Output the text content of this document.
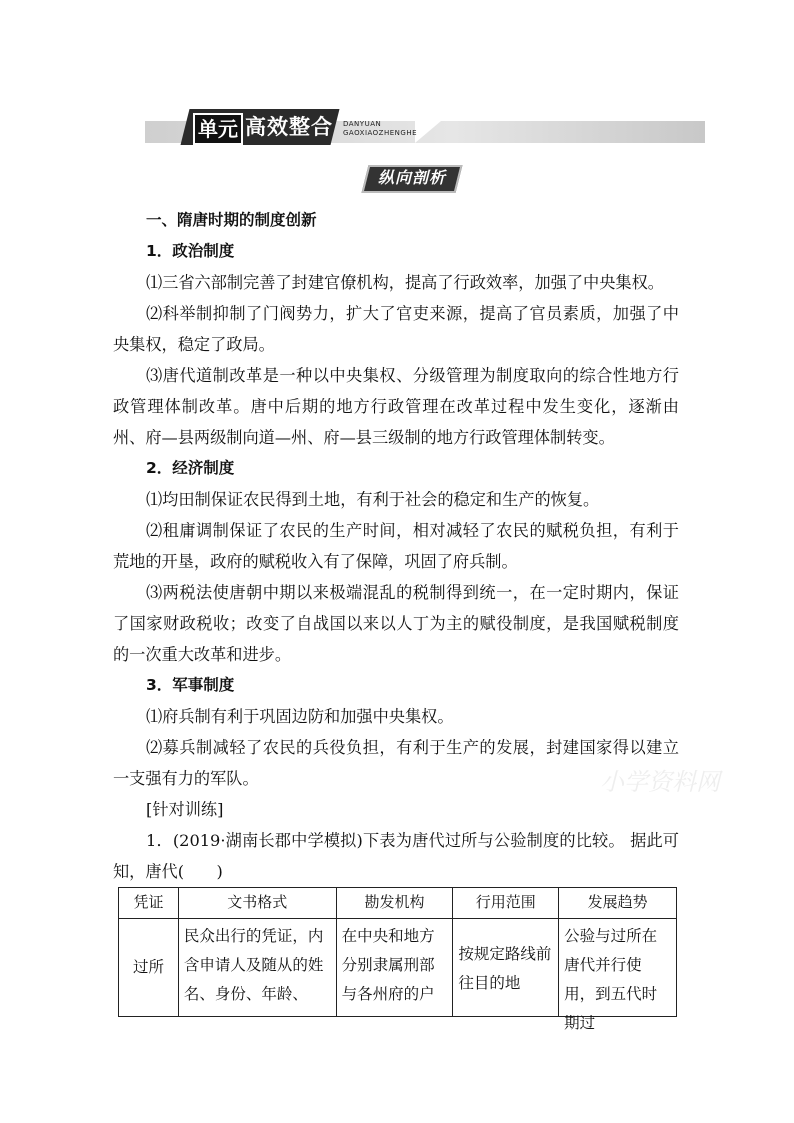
单元 高效整合 DANYUAN
GAOXIAOZHENGHE
纵向剖析
小学资料网

一、隋唐时期的制度创新

1．政治制度

⑴三省六部制完善了封建官僚机构，提高了行政效率，加强了中央集权。

⑵科举制抑制了门阀势力，扩大了官吏来源，提高了官员素质，加强了中央集权，稳定了政局。

⑶唐代道制改革是一种以中央集权、分级管理为制度取向的综合性地方行政管理体制改革。唐中后期的地方行政管理在改革过程中发生变化，逐渐由州、府—县两级制向道—州、府—县三级制的地方行政管理体制转变。

2．经济制度

⑴均田制保证农民得到土地，有利于社会的稳定和生产的恢复。

⑵租庸调制保证了农民的生产时间，相对减轻了农民的赋税负担，有利于荒地的开垦，政府的赋税收入有了保障，巩固了府兵制。

⑶两税法使唐朝中期以来极端混乱的税制得到统一，在一定时期内，保证了国家财政税收；改变了自战国以来以人丁为主的赋役制度，是我国赋税制度的一次重大改革和进步。

3．军事制度

⑴府兵制有利于巩固边防和加强中央集权。

⑵募兵制减轻了农民的兵役负担，有利于生产的发展，封建国家得以建立一支强有力的军队。

[针对训练]

1．(2019·湖南长郡中学模拟)下表为唐代过所与公验制度的比较。 据此可知，唐代(　　)

凭证	文书格式	勘发机构	行用范围	发展趋势
过所	民众出行的凭证，内含申请人及随从的姓名、身份、年龄、	在中央和地方分别隶属刑部与各州府的户	按规定路线前往目的地	公验与过所在唐代并行使用，到五代时期过
